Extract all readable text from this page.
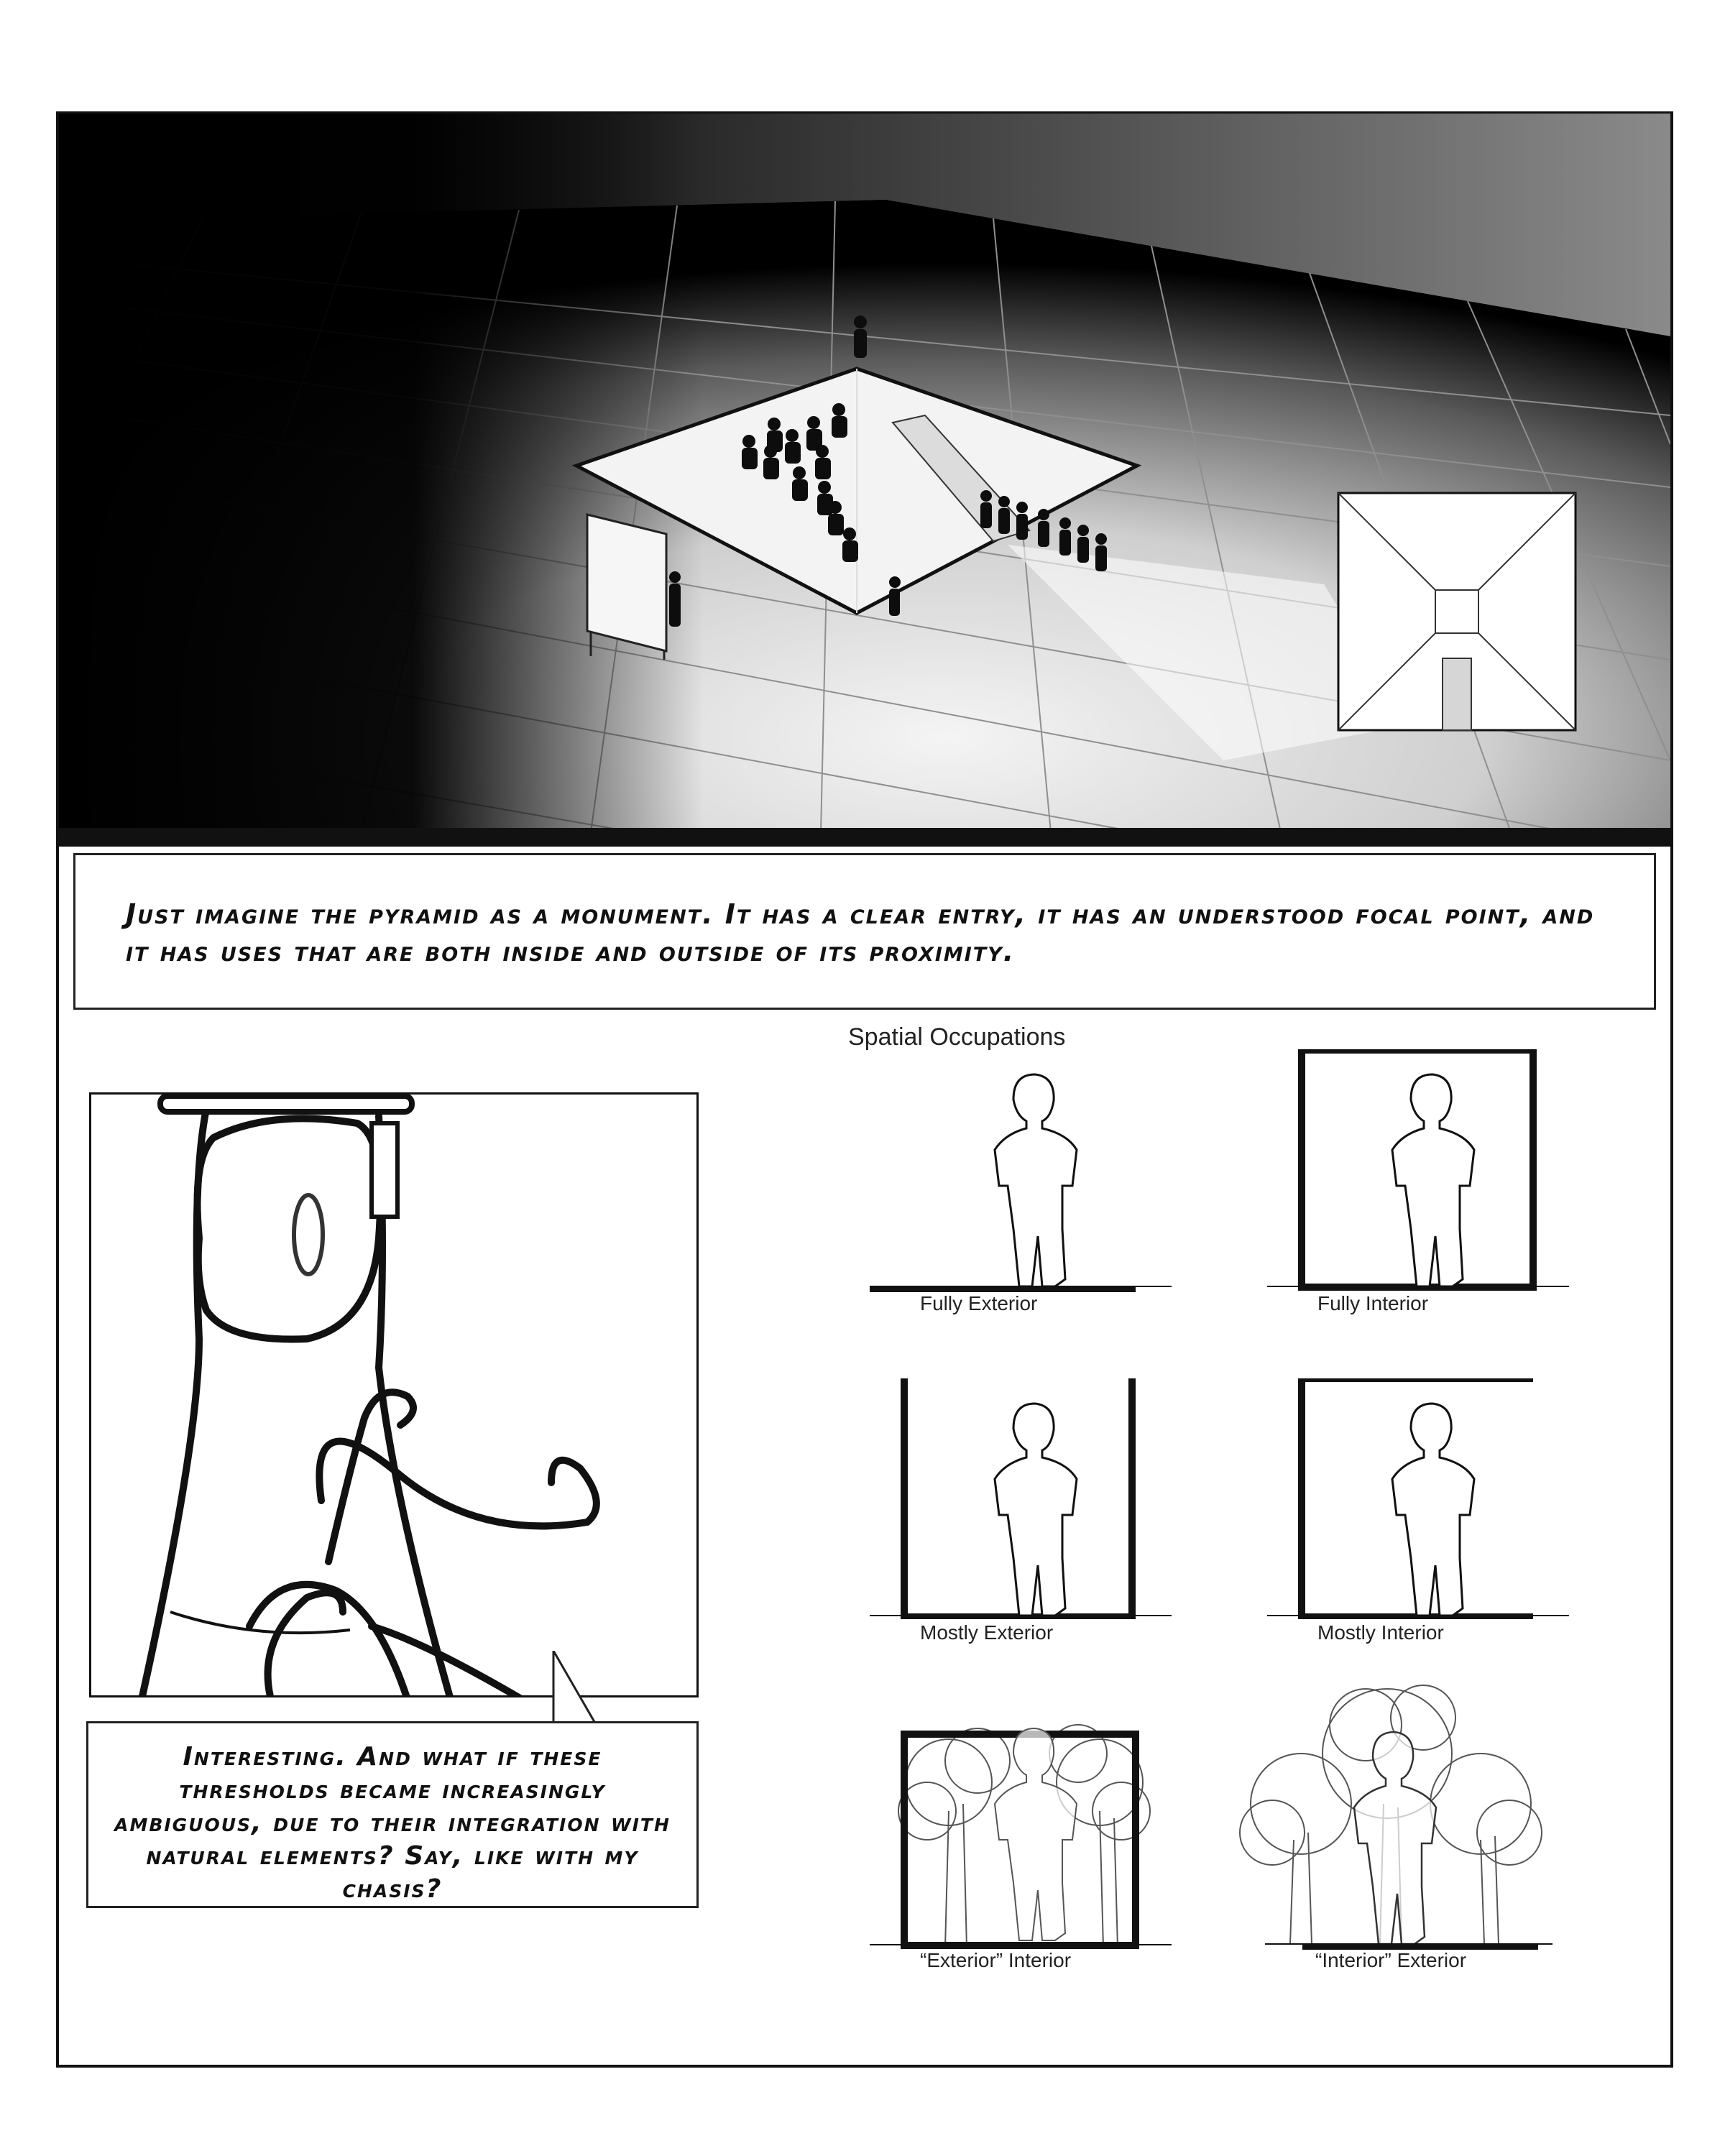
Just imagine the pyramid as a monument. It has a clear entry, it has an understood focal point, and it has uses that are both inside and outside of its proximity.

Interesting. And what if these thresholds became increasingly ambiguous, due to their integration with natural elements? Say, like with my chasis?

Spatial Occupations
Fully Exterior	Fully Interior
Mostly Exterior	Mostly Interior
“Exterior” Interior	“Interior” Exterior
